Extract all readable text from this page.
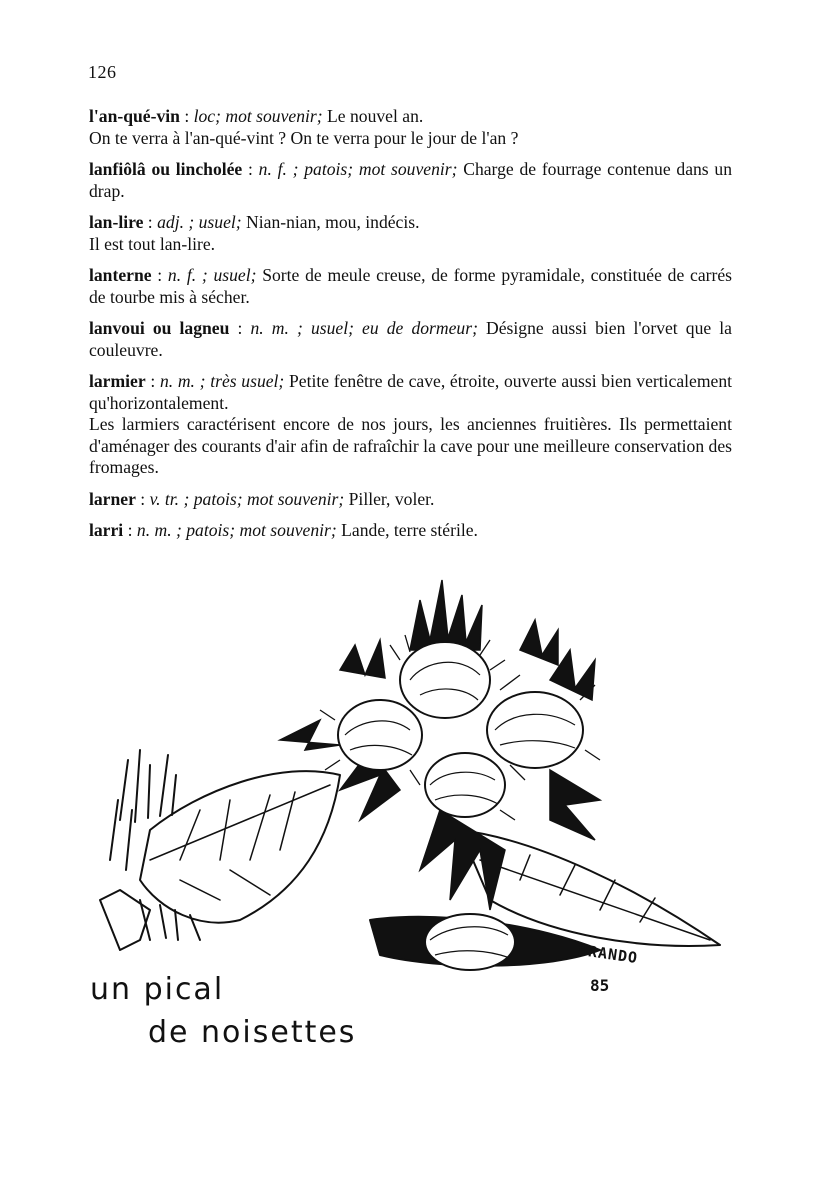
126

l'an-qué-vin : loc; mot souvenir; Le nouvel an.
On te verra à l'an-qué-vint ? On te verra pour le jour de l'an ?

lanfiôlâ ou lincholée : n. f. ; patois; mot souvenir; Charge de fourrage contenue dans un drap.

lan-lire : adj. ; usuel; Nian-nian, mou, indécis.
Il est tout lan-lire.

lanterne : n. f. ; usuel; Sorte de meule creuse, de forme pyramidale, constituée de carrés de tourbe mis à sécher.

lanvoui ou lagneu : n. m. ; usuel; eu de dormeur; Désigne aussi bien l'orvet que la couleuvre.

larmier : n. m. ; très usuel; Petite fenêtre de cave, étroite, ouverte aussi bien verticalement qu'horizontalement.
Les larmiers caractérisent encore de nos jours, les anciennes fruitières. Ils permettaient d'aménager des courants d'air afin de rafraîchir la cave pour une meilleure conservation des fromages.

larner : v. tr. ; patois; mot souvenir; Piller, voler.

larri : n. m. ; patois; mot souvenir; Lande, terre stérile.

un pical
de noisettes
BRANDO
85
